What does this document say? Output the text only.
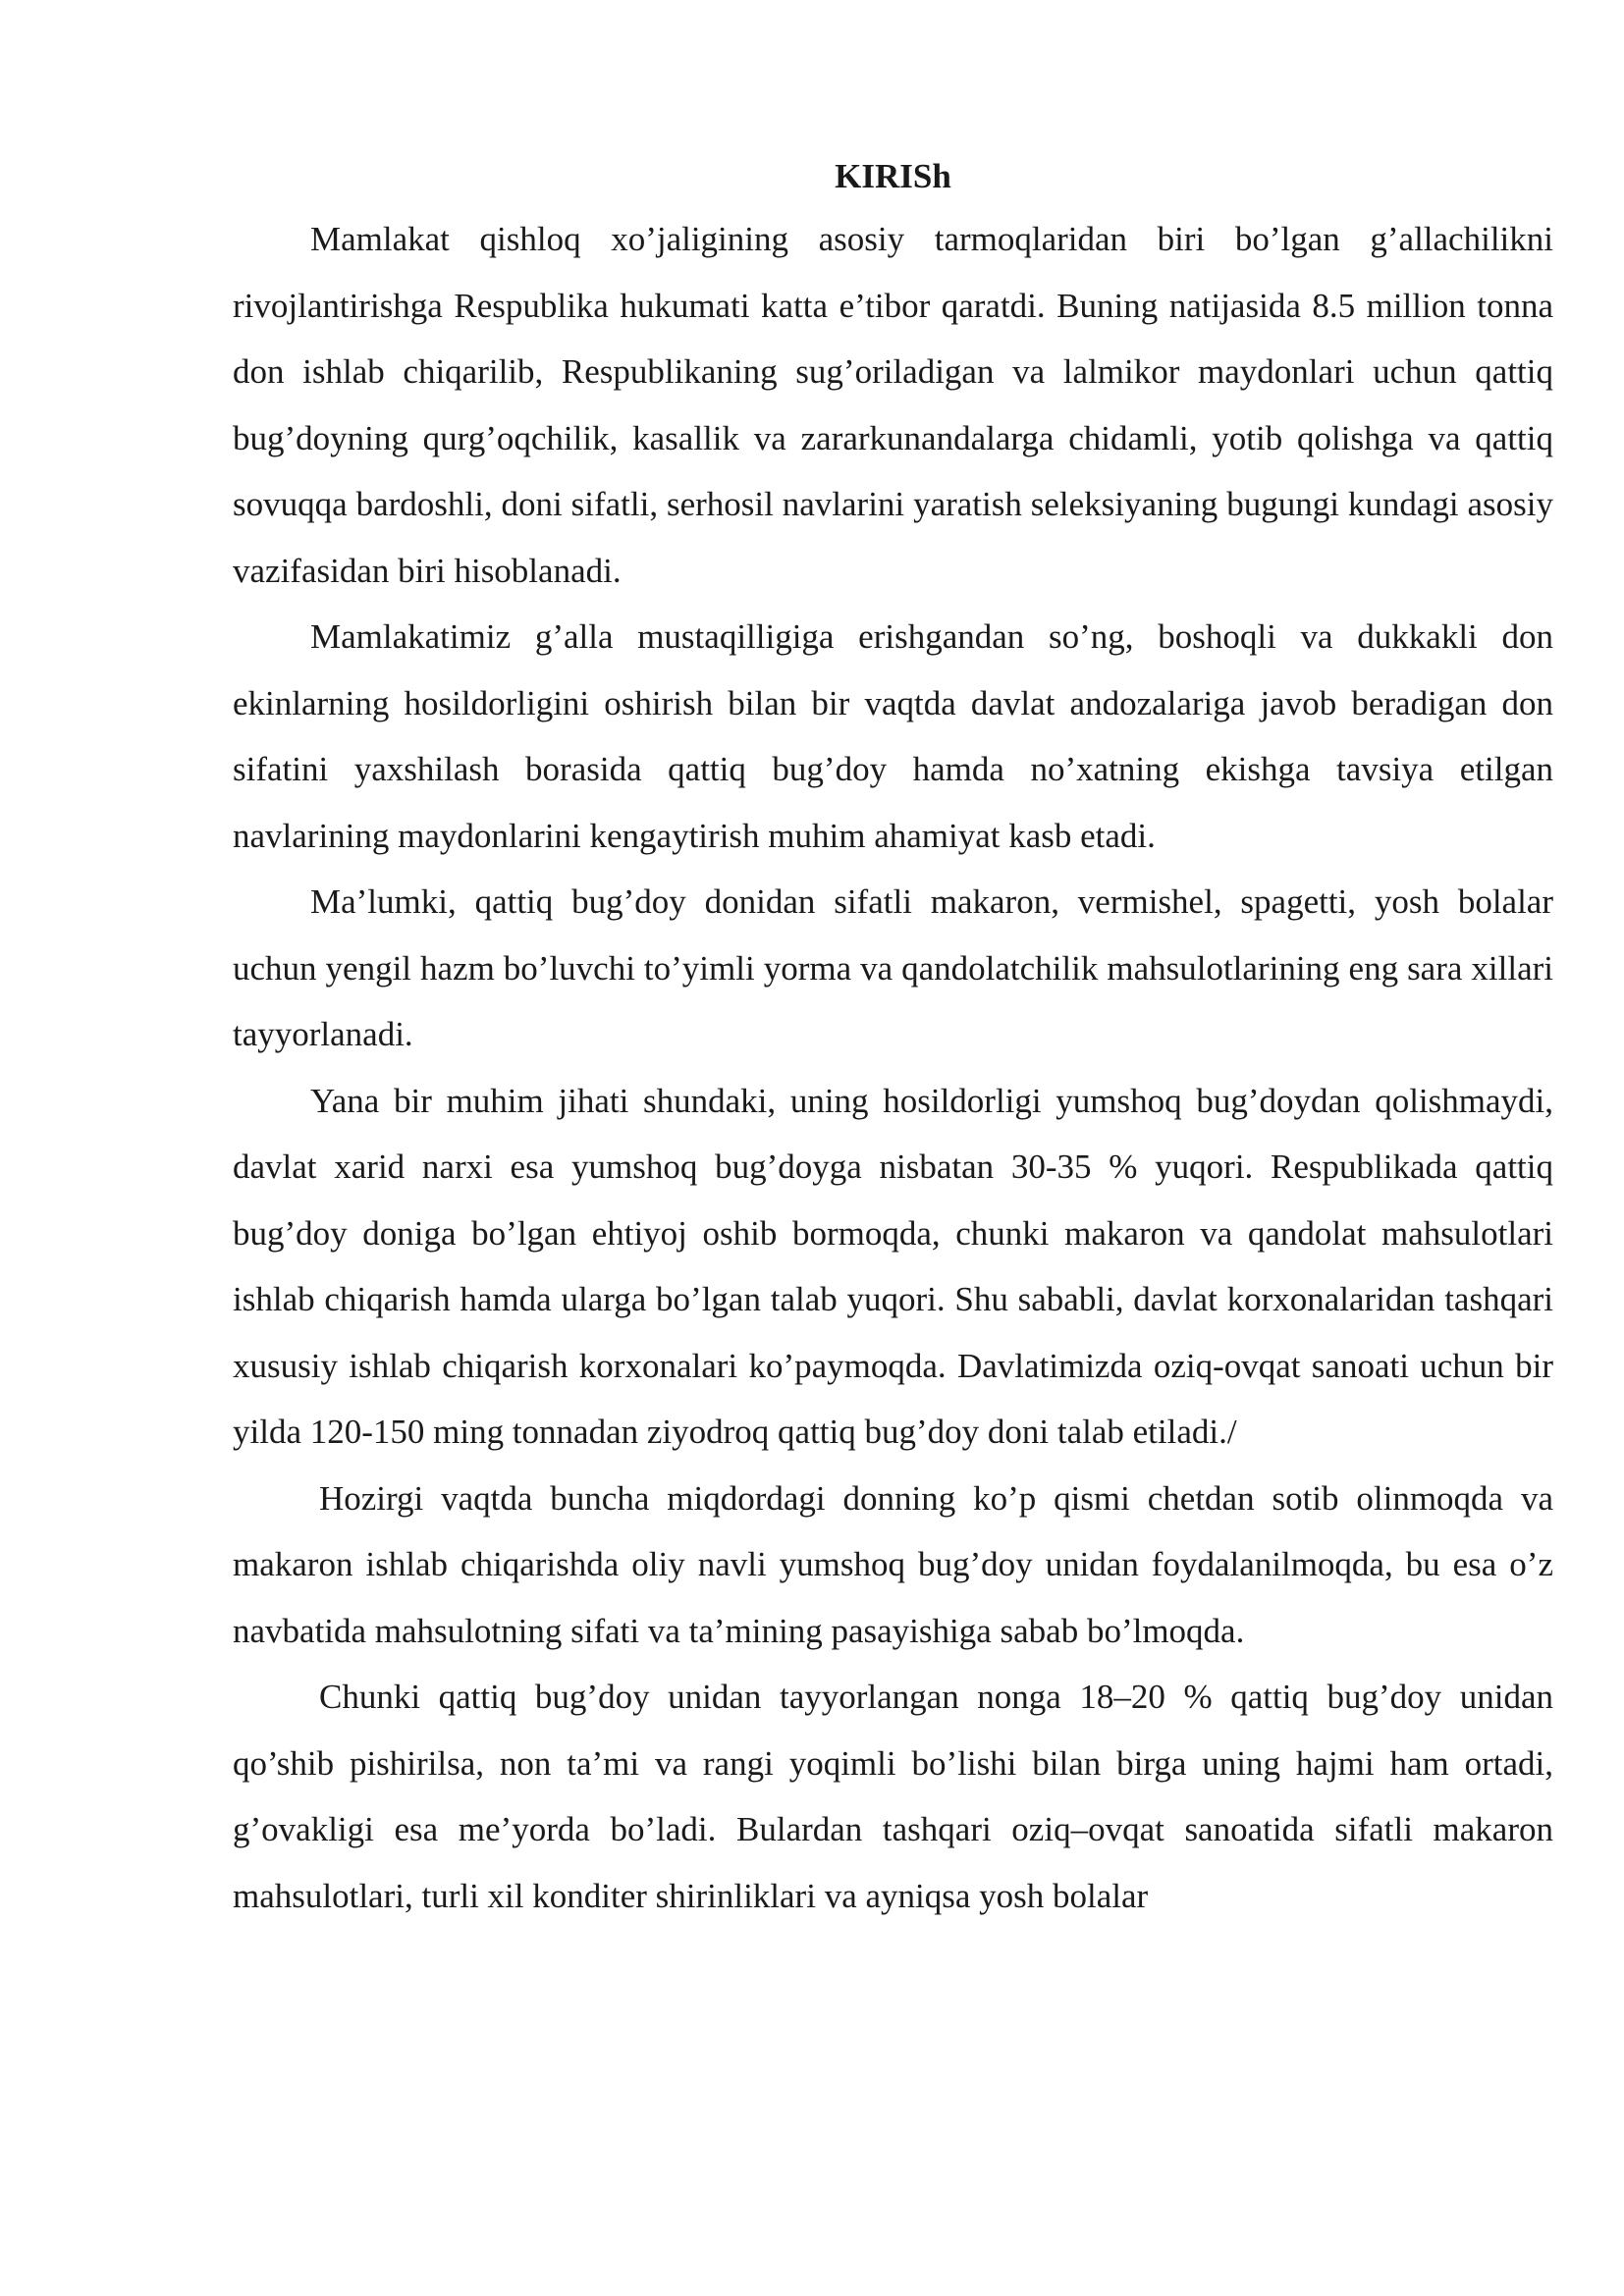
KIRISh

Mamlakat qishloq xo’jaligining asosiy tarmoqlaridan biri bo’lgan g’allachilikni rivojlantirishga Respublika hukumati katta e’tibor qaratdi. Buning natijasida 8.5 million tonna don ishlab chiqarilib, Respublikaning sug’oriladigan va lalmikor maydonlari uchun qattiq bug’doyning qurg’oqchilik, kasallik va zararkunandalarga chidamli, yotib qolishga va qattiq sovuqqa bardoshli, doni sifatli, serhosil navlarini yaratish seleksiyaning bugungi kundagi asosiy vazifasidan biri hisoblanadi.

Mamlakatimiz g’alla mustaqilligiga erishgandan so’ng, boshoqli va dukkakli don ekinlarning hosildorligini oshirish bilan bir vaqtda davlat andozalariga javob beradigan don sifatini yaxshilash borasida qattiq bug’doy hamda no’xatning ekishga tavsiya etilgan navlarining maydonlarini kengaytirish muhim ahamiyat kasb etadi.

Ma’lumki, qattiq bug’doy donidan sifatli makaron, vermishel, spagetti, yosh bolalar uchun yengil hazm bo’luvchi to’yimli yorma va qandolatchilik mahsulotlarining eng sara xillari tayyorlanadi.

Yana bir muhim jihati shundaki, uning hosildorligi yumshoq bug’doydan qolishmaydi, davlat xarid narxi esa yumshoq bug’doyga nisbatan 30-35 % yuqori. Respublikada qattiq bug’doy doniga bo’lgan ehtiyoj oshib bormoqda, chunki makaron va qandolat mahsulotlari ishlab chiqarish hamda ularga bo’lgan talab yuqori. Shu sababli, davlat korxonalaridan tashqari xususiy ishlab chiqarish korxonalari ko’paymoqda. Davlatimizda oziq-ovqat sanoati uchun bir yilda 120-150 ming tonnadan ziyodroq qattiq bug’doy doni talab etiladi./

Hozirgi vaqtda buncha miqdordagi donning ko’p qismi chetdan sotib olinmoqda va makaron ishlab chiqarishda oliy navli yumshoq bug’doy unidan foydalanilmoqda, bu esa o’z navbatida mahsulotning sifati va ta’mining pasayishiga sabab bo’lmoqda.

Chunki qattiq bug’doy unidan tayyorlangan nonga 18–20 % qattiq bug’doy unidan qo’shib pishirilsa, non ta’mi va rangi yoqimli bo’lishi bilan birga uning hajmi ham ortadi, g’ovakligi esa me’yorda bo’ladi. Bulardan tashqari oziq–ovqat sanoatida sifatli makaron mahsulotlari, turli xil konditer shirinliklari va ayniqsa yosh bolalar
